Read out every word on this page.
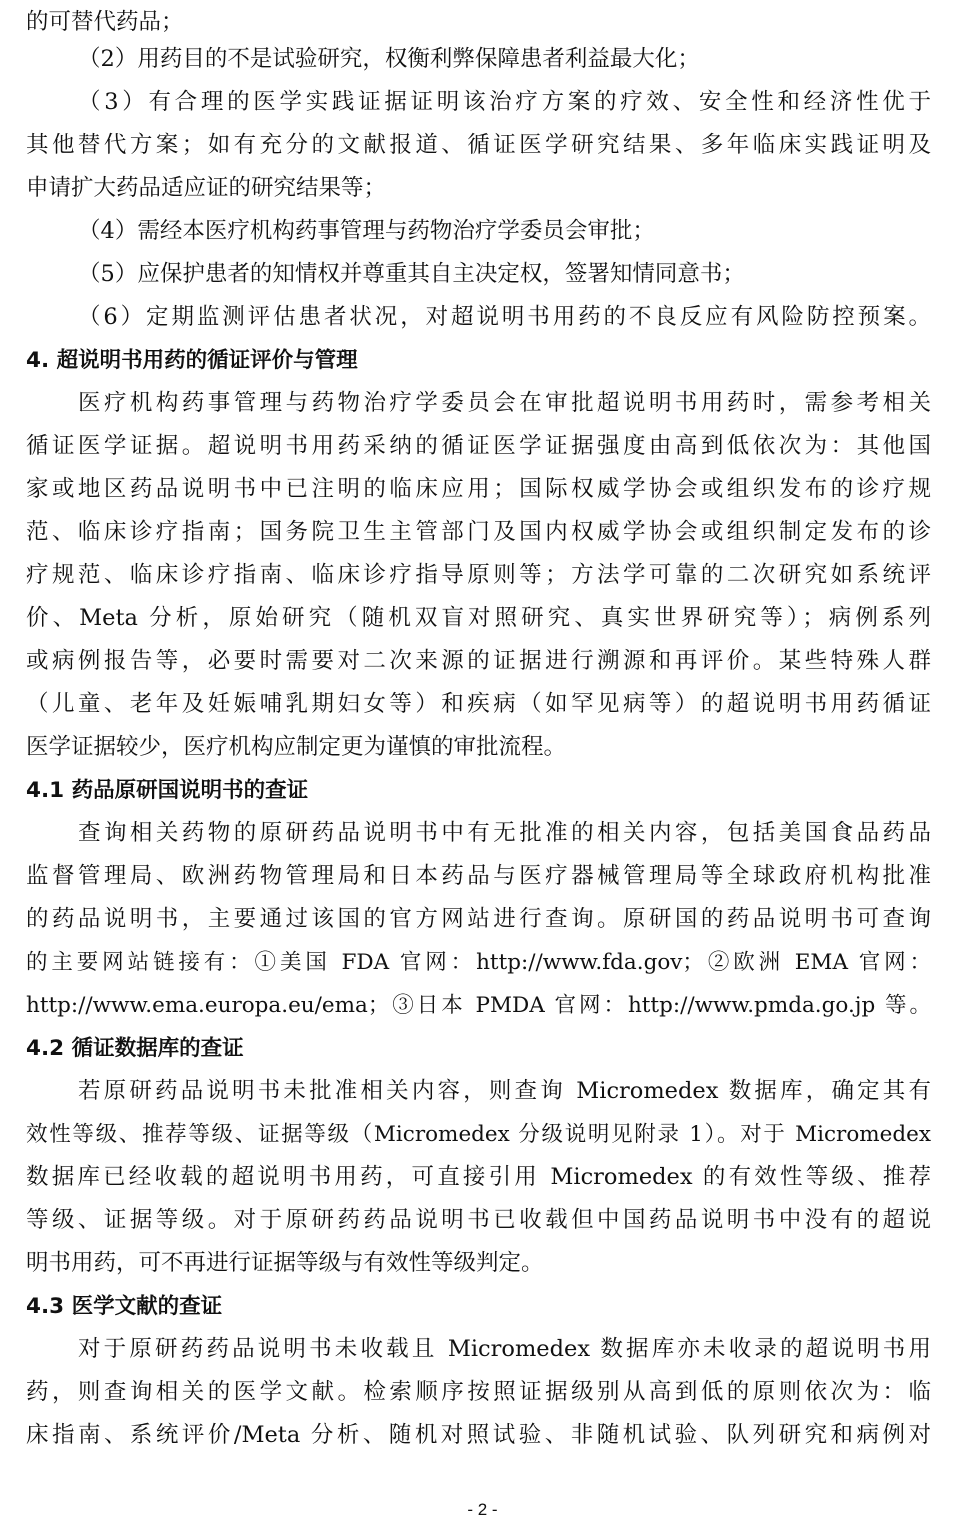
的可替代药品；
（2）用药目的不是试验研究，权衡利弊保障患者利益最大化；
（3）有合理的医学实践证据证明该治疗方案的疗效、安全性和经济性优于
其他替代方案；如有充分的文献报道、循证医学研究结果、多年临床实践证明及
申请扩大药品适应证的研究结果等；
（4）需经本医疗机构药事管理与药物治疗学委员会审批；
（5）应保护患者的知情权并尊重其自主决定权，签署知情同意书；
（6）定期监测评估患者状况，对超说明书用药的不良反应有风险防控预案。
4. 超说明书用药的循证评价与管理
医疗机构药事管理与药物治疗学委员会在审批超说明书用药时，需参考相关
循证医学证据。超说明书用药采纳的循证医学证据强度由高到低依次为：其他国
家或地区药品说明书中已注明的临床应用；国际权威学协会或组织发布的诊疗规
范、临床诊疗指南；国务院卫生主管部门及国内权威学协会或组织制定发布的诊
疗规范、临床诊疗指南、临床诊疗指导原则等；方法学可靠的二次研究如系统评
价、Meta 分析，原始研究（随机双盲对照研究、真实世界研究等）；病例系列
或病例报告等，必要时需要对二次来源的证据进行溯源和再评价。某些特殊人群
（儿童、老年及妊娠哺乳期妇女等）和疾病（如罕见病等）的超说明书用药循证
医学证据较少，医疗机构应制定更为谨慎的审批流程。
4.1 药品原研国说明书的查证
查询相关药物的原研药品说明书中有无批准的相关内容，包括美国食品药品
监督管理局、欧洲药物管理局和日本药品与医疗器械管理局等全球政府机构批准
的药品说明书，主要通过该国的官方网站进行查询。原研国的药品说明书可查询
的主要网站链接有：①美国 FDA 官网：http://www.fda.gov；②欧洲 EMA 官网：
http://www.ema.europa.eu/ema；③日本 PMDA 官网：http://www.pmda.go.jp 等。
4.2 循证数据库的查证
若原研药品说明书未批准相关内容，则查询 Micromedex 数据库，确定其有
效性等级、推荐等级、证据等级（Micromedex 分级说明见附录 1）。对于 Micromedex
数据库已经收载的超说明书用药，可直接引用 Micromedex 的有效性等级、推荐
等级、证据等级。对于原研药药品说明书已收载但中国药品说明书中没有的超说
明书用药，可不再进行证据等级与有效性等级判定。
4.3 医学文献的查证
对于原研药药品说明书未收载且 Micromedex 数据库亦未收录的超说明书用
药，则查询相关的医学文献。检索顺序按照证据级别从高到低的原则依次为：临
床指南、系统评价/Meta 分析、随机对照试验、非随机试验、队列研究和病例对
- 2 -
